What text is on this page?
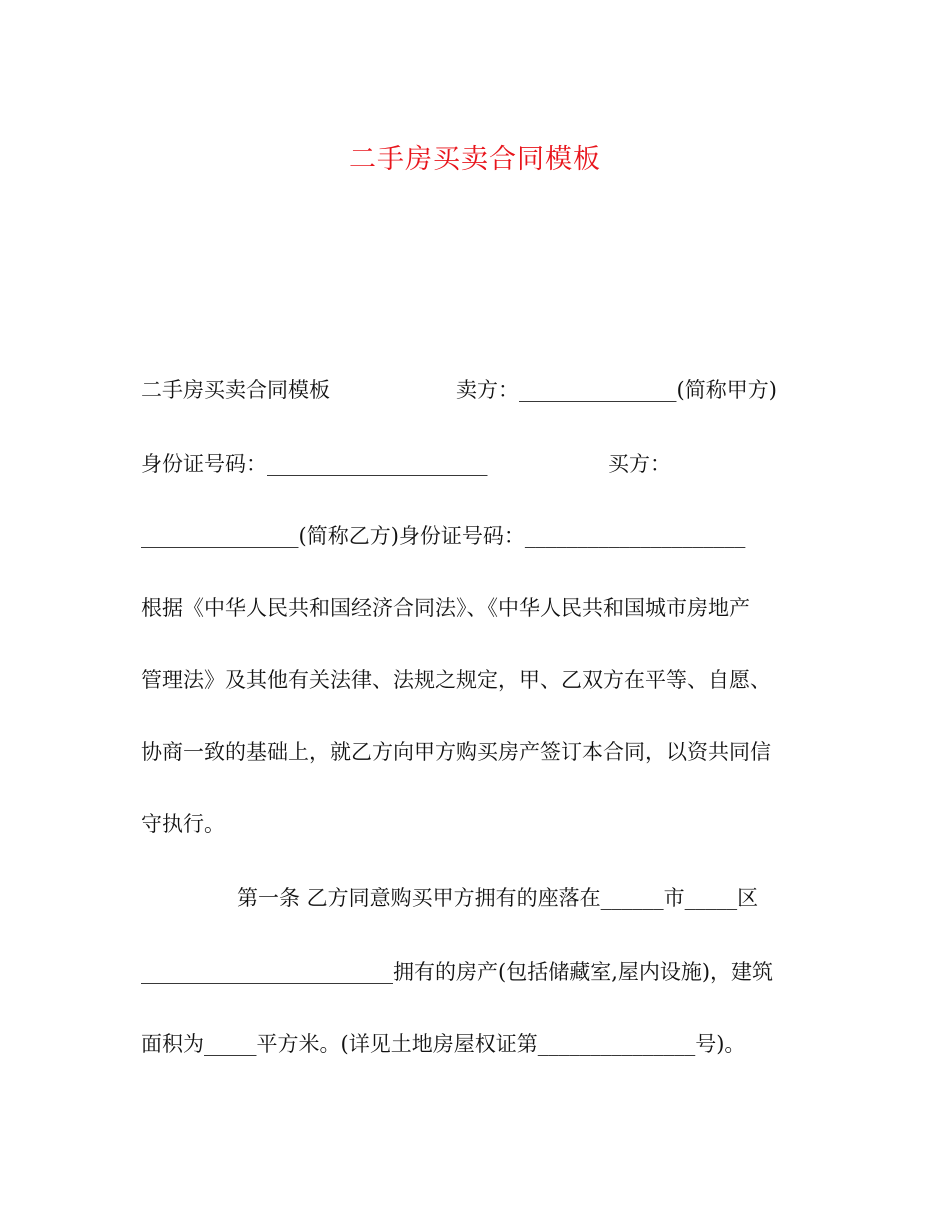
二手房买卖合同模板

二手房买卖合同模板

	卖方：_______________(简称甲方)

身份证号码：_____________________

	买方：

_______________(简称乙方)身份证号码：_____________________
根据《中华人民共和国经济合同法》、《中华人民共和国城市房地产
管理法》及其他有关法律、法规之规定，甲、乙双方在平等、自愿、
协商一致的基础上，就乙方向甲方购买房产签订本合同，以资共同信
守执行。
第一条 乙方同意购买甲方拥有的座落在______市_____区
________________________拥有的房产(包括储藏室,屋内设施)，建筑
面积为_____平方米。(详见土地房屋权证第_______________号)。
